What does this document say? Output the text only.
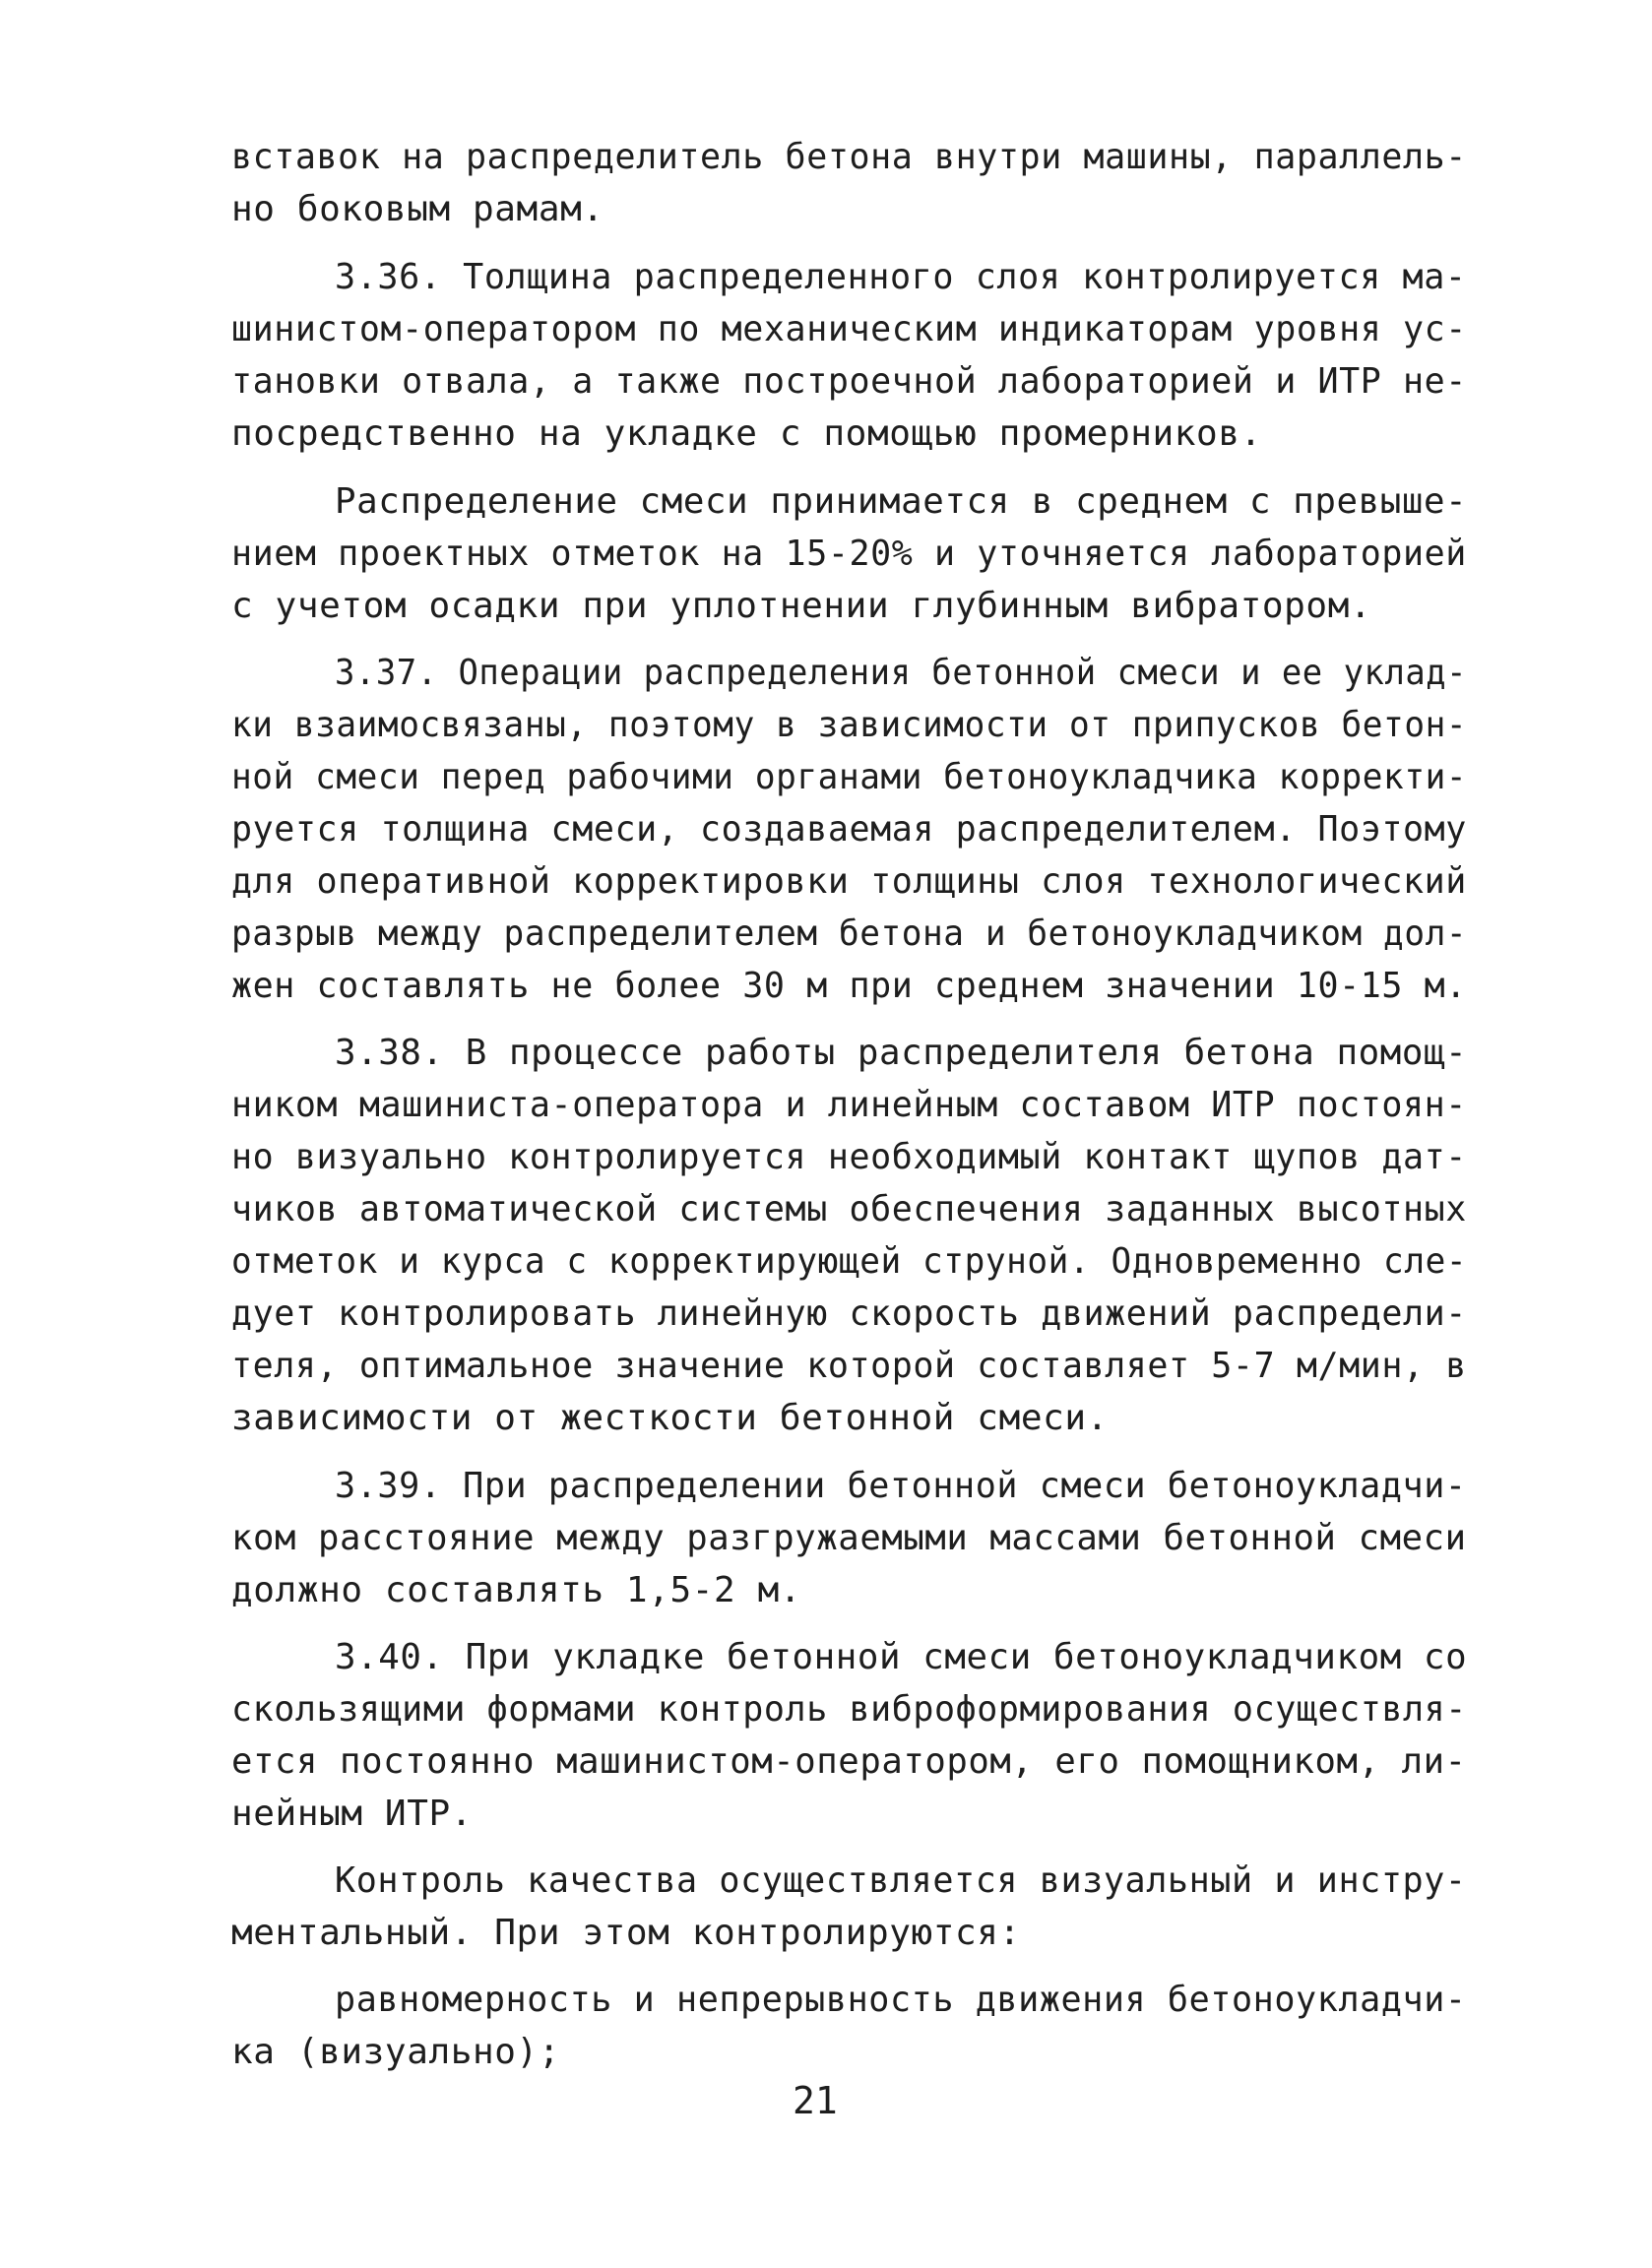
вставок на распределитель бетона внутри машины, параллель-
но боковым рамам.
3.36. Толщина распределенного слоя контролируется ма-
шинистом-оператором по механическим индикаторам уровня ус-
тановки отвала, а также построечной лабораторией и ИТР не-
посредственно на укладке с помощью промерников.
Распределение смеси принимается в среднем с превыше-
нием проектных отметок на 15-20% и уточняется лабораторией
с учетом осадки при уплотнении глубинным вибратором.
3.37. Операции распределения бетонной смеси и ее уклад-
ки взаимосвязаны, поэтому в зависимости от припусков бетон-
ной смеси перед рабочими органами бетоноукладчика корректи-
руется толщина смеси, создаваемая распределителем. Поэтому
для оперативной корректировки толщины слоя технологический
разрыв между распределителем бетона и бетоноукладчиком дол-
жен составлять не более 30 м при среднем значении 10-15 м.
3.38. В процессе работы распределителя бетона помощ-
ником машиниста-оператора и линейным составом ИТР постоян-
но визуально контролируется необходимый контакт щупов дат-
чиков автоматической системы обеспечения заданных высотных
отметок и курса с корректирующей струной. Одновременно сле-
дует контролировать линейную скорость движений распредели-
теля, оптимальное значение которой составляет 5-7 м/мин, в
зависимости от жесткости бетонной смеси.
3.39. При распределении бетонной смеси бетоноукладчи-
ком расстояние между разгружаемыми массами бетонной смеси
должно составлять 1,5-2 м.
3.40. При укладке бетонной смеси бетоноукладчиком со
скользящими формами контроль виброформирования осуществля-
ется постоянно машинистом-оператором, его помощником, ли-
нейным ИТР.
Контроль качества осуществляется визуальный и инстру-
ментальный. При этом контролируются:
равномерность и непрерывность движения бетоноукладчи-
ка (визуально);
21
